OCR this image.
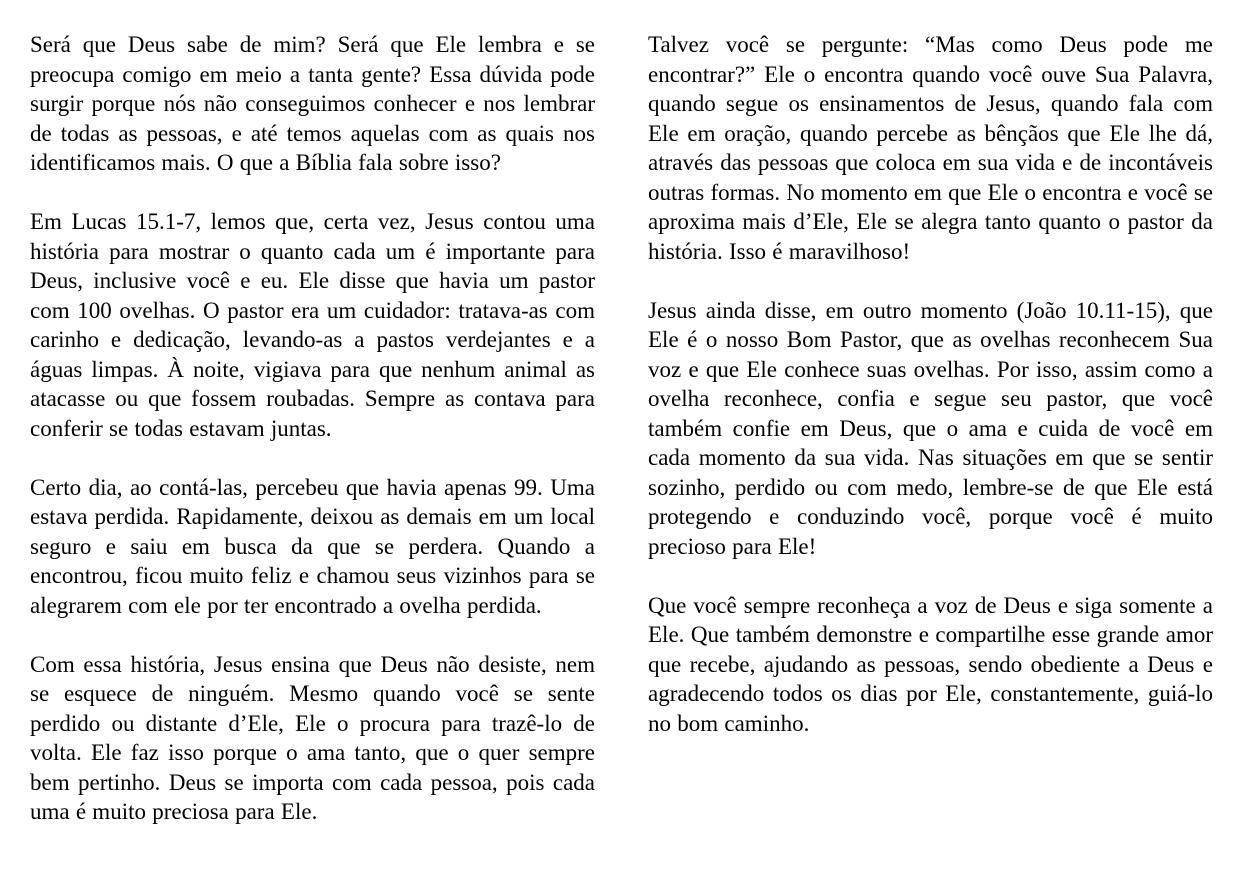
Será que Deus sabe de mim? Será que Ele lembra e se preocupa comigo em meio a tanta gente? Essa dúvida pode surgir porque nós não conseguimos conhecer e nos lembrar de todas as pessoas, e até temos aquelas com as quais nos identificamos mais. O que a Bíblia fala sobre isso?

Em Lucas 15.1-7, lemos que, certa vez, Jesus contou uma história para mostrar o quanto cada um é importante para Deus, inclusive você e eu. Ele disse que havia um pastor com 100 ovelhas. O pastor era um cuidador: tratava-as com carinho e dedicação, levando-as a pastos verdejantes e a águas limpas. À noite, vigiava para que nenhum animal as atacasse ou que fossem roubadas. Sempre as contava para conferir se todas estavam juntas.

Certo dia, ao contá-las, percebeu que havia apenas 99. Uma estava perdida. Rapidamente, deixou as demais em um local seguro e saiu em busca da que se perdera. Quando a encontrou, ficou muito feliz e chamou seus vizinhos para se alegrarem com ele por ter encontrado a ovelha perdida.

Com essa história, Jesus ensina que Deus não desiste, nem se esquece de ninguém. Mesmo quando você se sente perdido ou distante d’Ele, Ele o procura para trazê-lo de volta. Ele faz isso porque o ama tanto, que o quer sempre bem pertinho. Deus se importa com cada pessoa, pois cada uma é muito preciosa para Ele.

Talvez você se pergunte: “Mas como Deus pode me encontrar?” Ele o encontra quando você ouve Sua Palavra, quando segue os ensinamentos de Jesus, quando fala com Ele em oração, quando percebe as bênçãos que Ele lhe dá, através das pessoas que coloca em sua vida e de incontáveis outras formas. No momento em que Ele o encontra e você se aproxima mais d’Ele, Ele se alegra tanto quanto o pastor da história. Isso é maravilhoso!

Jesus ainda disse, em outro momento (João 10.11-15), que Ele é o nosso Bom Pastor, que as ovelhas reconhecem Sua voz e que Ele conhece suas ovelhas. Por isso, assim como a ovelha reconhece, confia e segue seu pastor, que você também confie em Deus, que o ama e cuida de você em cada momento da sua vida. Nas situações em que se sentir sozinho, perdido ou com medo, lembre-se de que Ele está protegendo e conduzindo você, porque você é muito precioso para Ele!

Que você sempre reconheça a voz de Deus e siga somente a Ele. Que também demonstre e compartilhe esse grande amor que recebe, ajudando as pessoas, sendo obediente a Deus e agradecendo todos os dias por Ele, constantemente, guiá-lo no bom caminho.
